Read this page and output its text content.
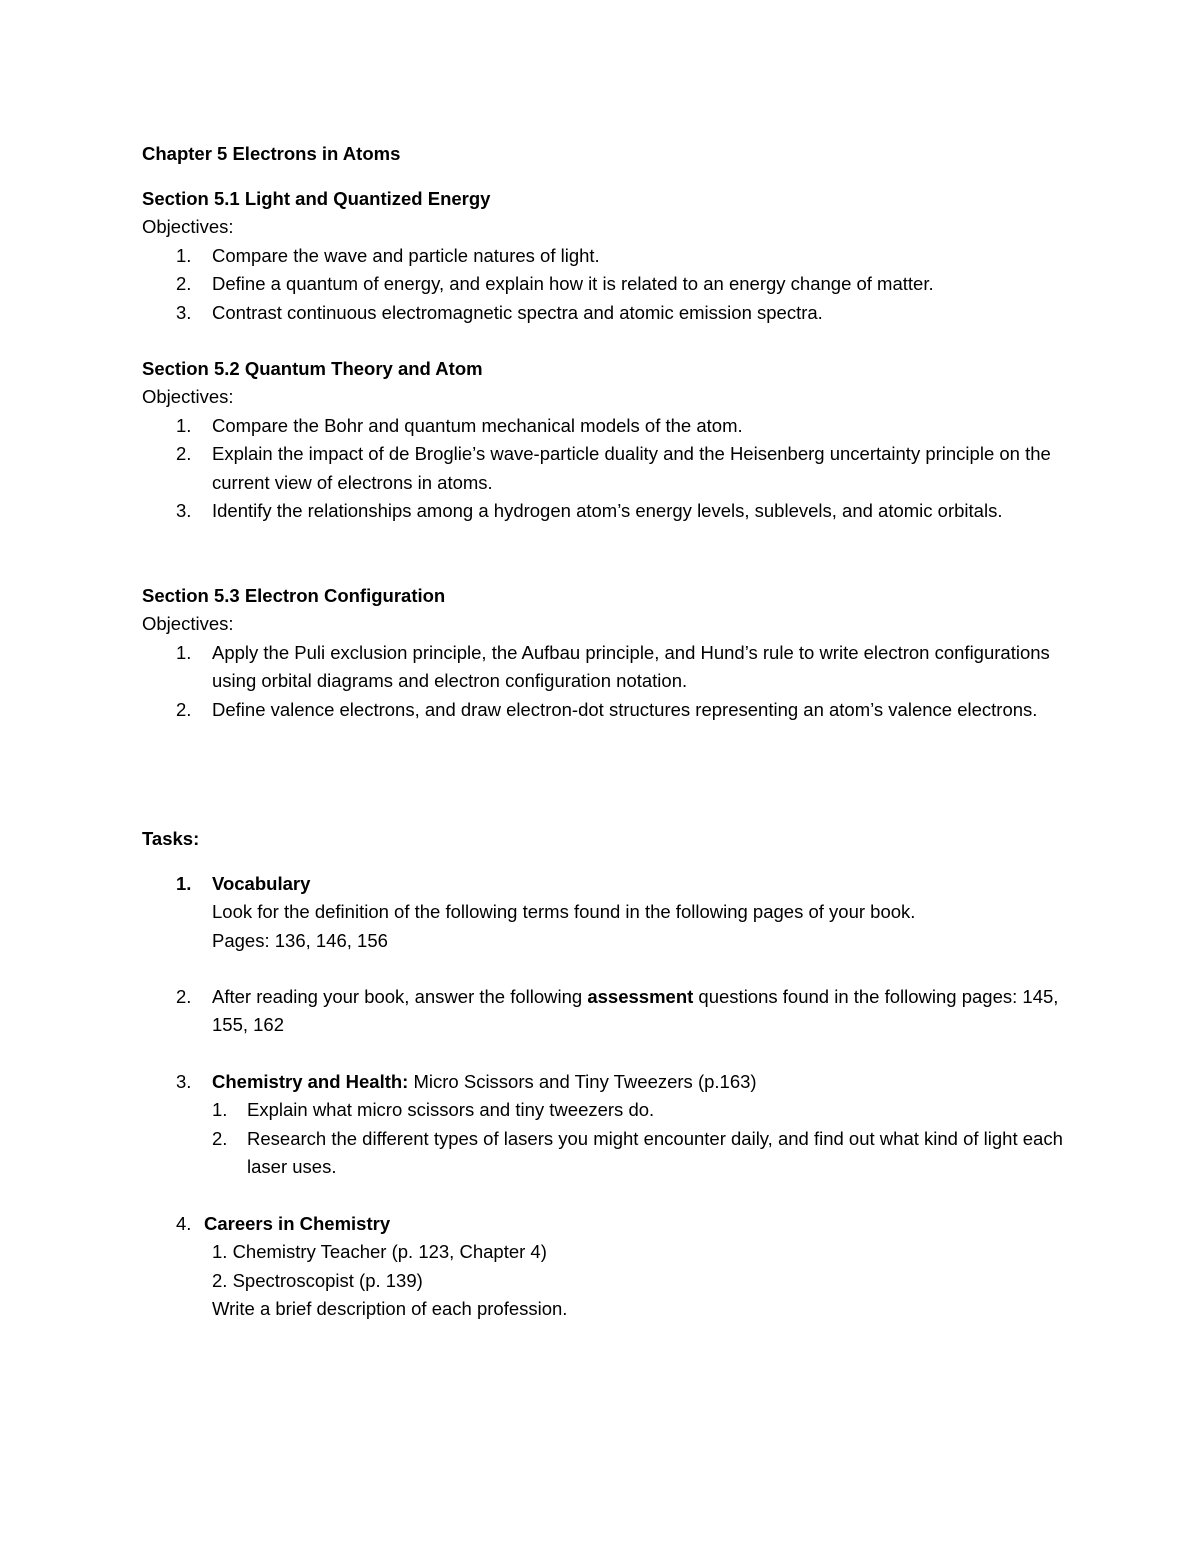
Chapter 5 Electrons in Atoms
Section 5.1 Light and Quantized Energy
Objectives:
1. Compare the wave and particle natures of light.
2. Define a quantum of energy, and explain how it is related to an energy change of matter.
3. Contrast continuous electromagnetic spectra and atomic emission spectra.
Section 5.2 Quantum Theory and Atom
Objectives:
1. Compare the Bohr and quantum mechanical models of the atom.
2. Explain the impact of de Broglie’s wave-particle duality and the Heisenberg uncertainty principle on the current view of electrons in atoms.
3. Identify the relationships among a hydrogen atom’s energy levels, sublevels, and atomic orbitals.
Section 5.3 Electron Configuration
Objectives:
1. Apply the Puli exclusion principle, the Aufbau principle, and Hund’s rule to write electron configurations using orbital diagrams and electron configuration notation.
2. Define valence electrons, and draw electron-dot structures representing an atom’s valence electrons.
Tasks:
1. Vocabulary
Look for the definition of the following terms found in the following pages of your book.
Pages: 136, 146, 156
2.	After reading your book, answer the following assessment questions found in the following pages: 145, 155, 162
3.	Chemistry and Health: Micro Scissors and Tiny Tweezers (p.163)
1. Explain what micro scissors and tiny tweezers do.
2. Research the different types of lasers you might encounter daily, and find out what kind of light each laser uses.
4. Careers in Chemistry
1. Chemistry Teacher (p. 123, Chapter 4)
2. Spectroscopist (p. 139)
Write a brief description of each profession.
